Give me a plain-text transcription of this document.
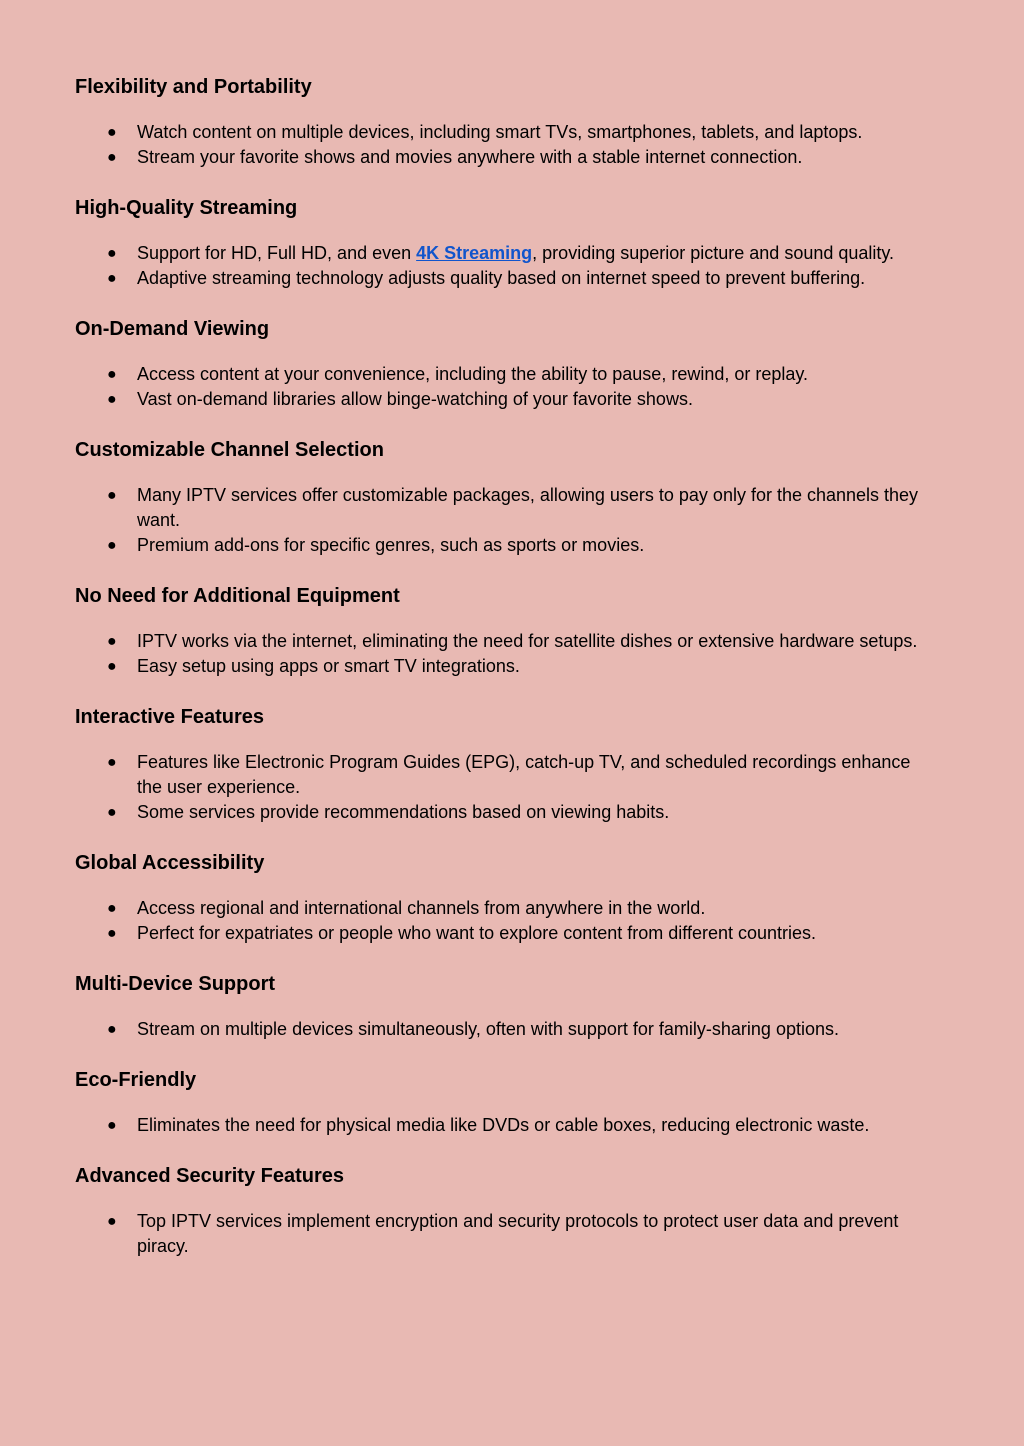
Flexibility and Portability
● Watch content on multiple devices, including smart TVs, smartphones, tablets, and laptops.
● Stream your favorite shows and movies anywhere with a stable internet connection.
High-Quality Streaming
● Support for HD, Full HD, and even 4K Streaming, providing superior picture and sound quality.
● Adaptive streaming technology adjusts quality based on internet speed to prevent buffering.
On-Demand Viewing
● Access content at your convenience, including the ability to pause, rewind, or replay.
● Vast on-demand libraries allow binge-watching of your favorite shows.
Customizable Channel Selection
● Many IPTV services offer customizable packages, allowing users to pay only for the channels they want.
● Premium add-ons for specific genres, such as sports or movies.
No Need for Additional Equipment
● IPTV works via the internet, eliminating the need for satellite dishes or extensive hardware setups.
● Easy setup using apps or smart TV integrations.
Interactive Features
● Features like Electronic Program Guides (EPG), catch-up TV, and scheduled recordings enhance the user experience.
● Some services provide recommendations based on viewing habits.
Global Accessibility
● Access regional and international channels from anywhere in the world.
● Perfect for expatriates or people who want to explore content from different countries.
Multi-Device Support
● Stream on multiple devices simultaneously, often with support for family-sharing options.
Eco-Friendly
● Eliminates the need for physical media like DVDs or cable boxes, reducing electronic waste.
Advanced Security Features
● Top IPTV services implement encryption and security protocols to protect user data and prevent piracy.
